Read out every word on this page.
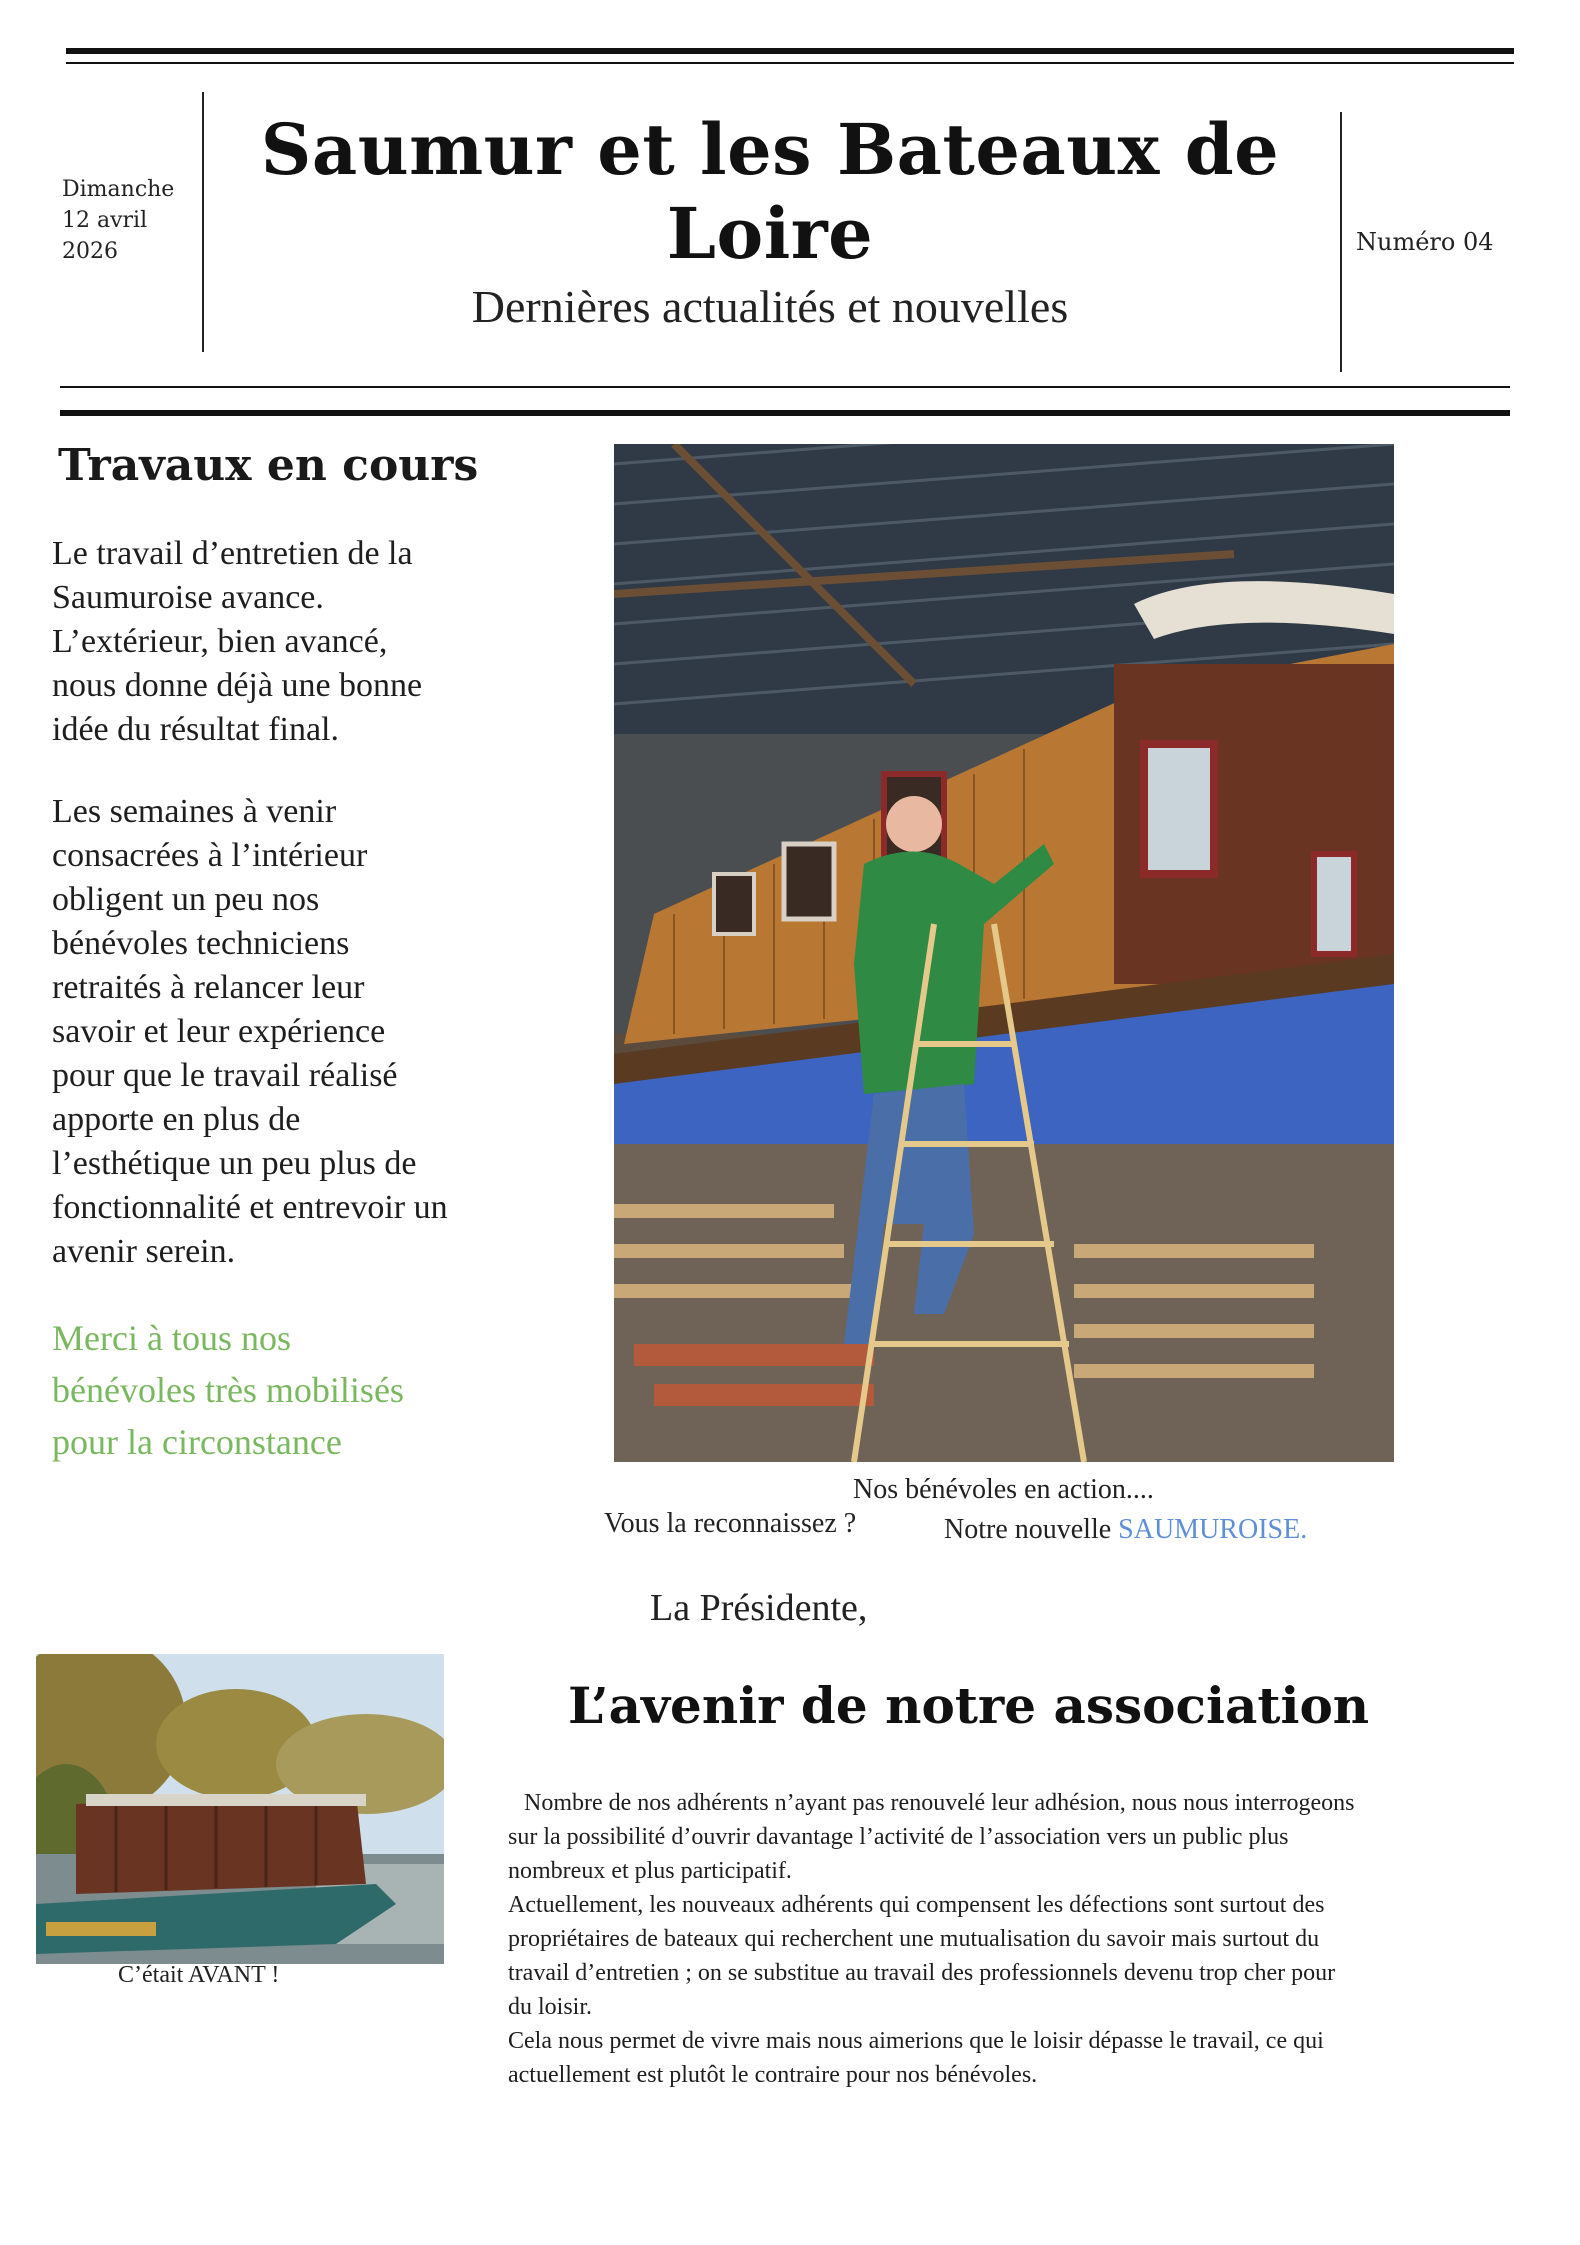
Dimanche
12 avril
2026
Saumur et les Bateaux de
Loire
Dernières actualités et nouvelles
Numéro 04
Travaux en cours

Le travail d’entretien de la

Saumuroise avance.

L’extérieur, bien avancé,

nous donne déjà une bonne

idée du résultat final.

Les semaines à venir

consacrées à l’intérieur

obligent un peu nos

bénévoles techniciens

retraités à relancer leur

savoir et leur expérience

pour que le travail réalisé

apporte en plus de

l’esthétique un peu plus de

fonctionnalité et entrevoir un

avenir serein.

Merci à tous nos

bénévoles très mobilisés

pour la circonstance

Nos bénévoles en action....
Vous la reconnaissez ?	Notre nouvelle SAUMUROISE.
La Présidente,
C’était AVANT !
L’avenir de notre association

Nombre de nos adhérents n’ayant pas renouvelé leur adhésion, nous nous interrogeons

sur la possibilité d’ouvrir davantage l’activité de l’association vers un public plus

nombreux et plus participatif.

Actuellement, les nouveaux adhérents qui compensent les défections sont surtout des

propriétaires de bateaux qui recherchent une mutualisation du savoir mais surtout du

travail d’entretien ; on se substitue au travail des professionnels devenu trop cher pour

du loisir.

Cela nous permet de vivre mais nous aimerions que le loisir dépasse le travail, ce qui

actuellement est plutôt le contraire pour nos bénévoles.
